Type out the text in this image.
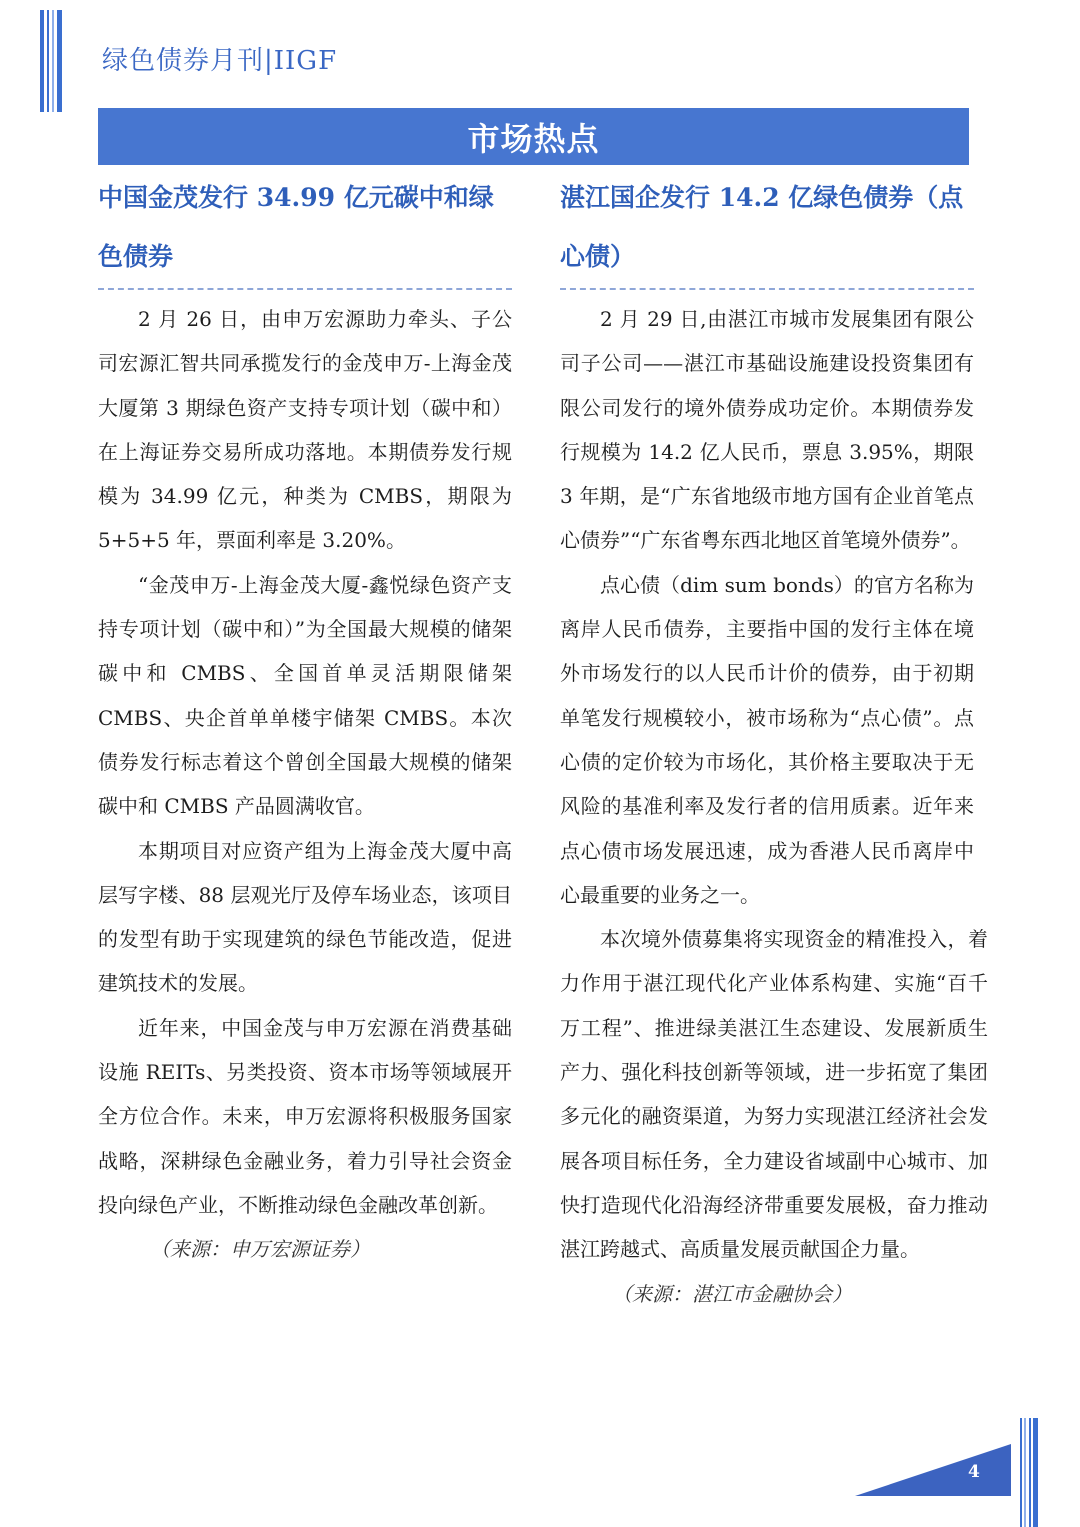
绿色债券月刊|IIGF
市场热点
中国金茂发行 34.99 亿元碳中和绿色债券

2 月 26 日，由申万宏源助力牵头、子公司宏源汇智共同承揽发行的金茂申万-上海金茂大厦第 3 期绿色资产支持专项计划（碳中和）在上海证券交易所成功落地。本期债券发行规模为 34.99 亿元，种类为 CMBS，期限为 5+5+5 年，票面利率是 3.20%。

“金茂申万-上海金茂大厦-鑫悦绿色资产支持专项计划（碳中和）”为全国最大规模的储架碳中和 CMBS、全国首单灵活期限储架 CMBS、央企首单单楼宇储架 CMBS。本次债券发行标志着这个曾创全国最大规模的储架碳中和 CMBS 产品圆满收官。

本期项目对应资产组为上海金茂大厦中高层写字楼、88 层观光厅及停车场业态，该项目的发型有助于实现建筑的绿色节能改造，促进建筑技术的发展。

近年来，中国金茂与申万宏源在消费基础设施 REITs、另类投资、资本市场等领域展开全方位合作。未来，申万宏源将积极服务国家战略，深耕绿色金融业务，着力引导社会资金投向绿色产业，不断推动绿色金融改革创新。

（来源：申万宏源证券）

湛江国企发行 14.2 亿绿色债券（点心债）

2 月 29 日,由湛江市城市发展集团有限公司子公司——湛江市基础设施建设投资集团有限公司发行的境外债券成功定价。本期债券发行规模为 14.2 亿人民币，票息 3.95%，期限 3 年期，是“广东省地级市地方国有企业首笔点心债券”“广东省粤东西北地区首笔境外债券”。

点心债（dim sum bonds）的官方名称为离岸人民币债券，主要指中国的发行主体在境外市场发行的以人民币计价的债券，由于初期单笔发行规模较小，被市场称为“点心债”。点心债的定价较为市场化，其价格主要取决于无风险的基准利率及发行者的信用质素。近年来点心债市场发展迅速，成为香港人民币离岸中心最重要的业务之一。

本次境外债募集将实现资金的精准投入，着力作用于湛江现代化产业体系构建、实施“百千万工程”、推进绿美湛江生态建设、发展新质生产力、强化科技创新等领域，进一步拓宽了集团多元化的融资渠道，为努力实现湛江经济社会发展各项目标任务，全力建设省域副中心城市、加快打造现代化沿海经济带重要发展极，奋力推动湛江跨越式、高质量发展贡献国企力量。

（来源：湛江市金融协会）

4
